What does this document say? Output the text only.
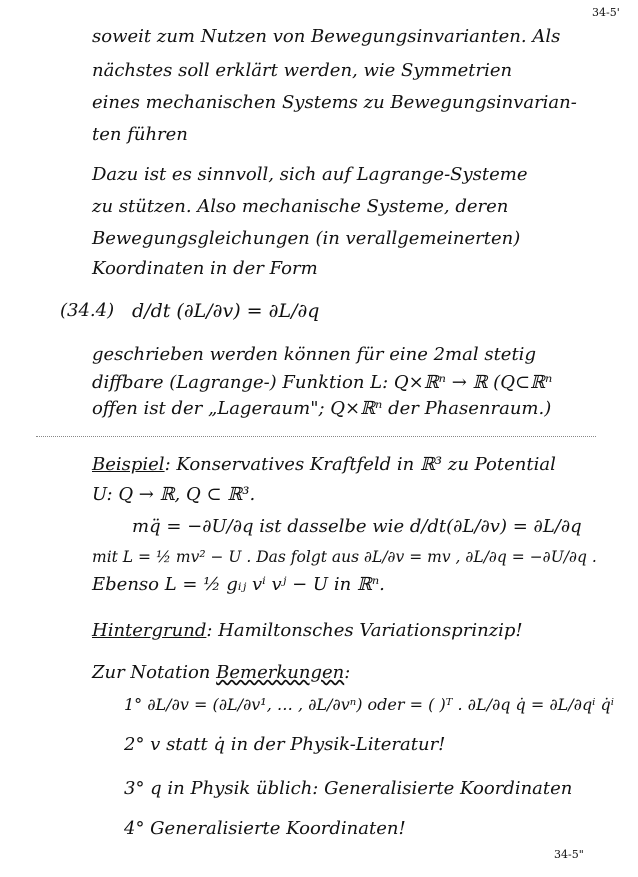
34-5'
soweit zum Nutzen von Bewegungsinvarianten. Als
nächstes soll erklärt werden, wie Symmetrien
eines mechanischen Systems zu Bewegungsinvarian-
ten führen
Dazu ist es sinnvoll, sich auf Lagrange-Systeme
zu stützen. Also mechanische Systeme, deren
Bewegungsgleichungen (in verallgemeinerten)
Koordinaten in der Form
(34.4) d/dt (∂L/∂v) = ∂L/∂q
geschrieben werden können für eine 2mal stetig
diffbare (Lagrange-) Funktion L: Q×ℝⁿ → ℝ (Q⊂ℝⁿ
offen ist der „Lageraum"; Q×ℝⁿ der Phasenraum.)
Beispiel: Konservatives Kraftfeld in ℝ³ zu Potential
U: Q → ℝ, Q ⊂ ℝ³.
mq̈ = −∂U/∂q ist dasselbe wie d/dt(∂L/∂v) = ∂L/∂q
mit L = ½ mv² − U . Das folgt aus ∂L/∂v = mv , ∂L/∂q = −∂U/∂q .
Ebenso L = ½ gᵢⱼ vⁱ vʲ − U in ℝⁿ.
Hintergrund: Hamiltonsches Variationsprinzip!
Zur Notation Bemerkungen:
1° ∂L/∂v = (∂L/∂v¹, … , ∂L/∂vⁿ) oder = ( )ᵀ . ∂L/∂q q̇ = ∂L/∂qⁱ q̇ⁱ
2° v statt q̇ in der Physik-Literatur!
3° q in Physik üblich: Generalisierte Koordinaten
4° Generalisierte Koordinaten!
34-5"
